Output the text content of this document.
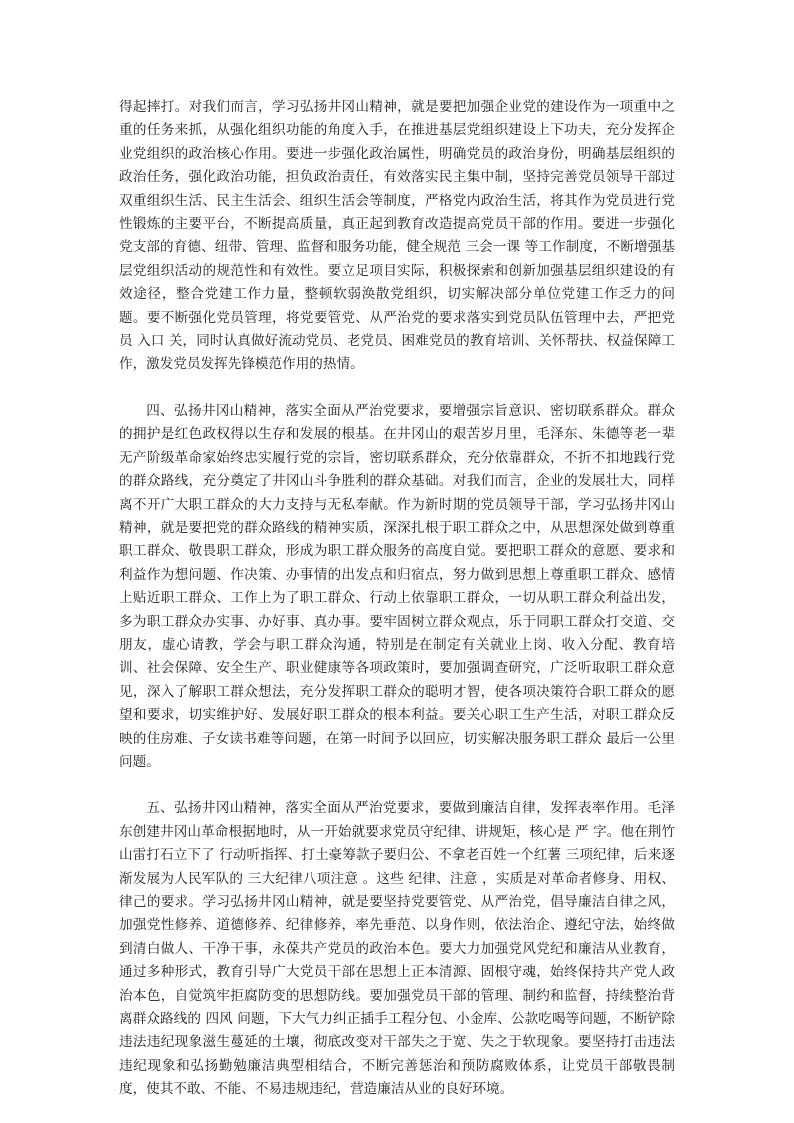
得起摔打。对我们而言，学习弘扬井冈山精神，就是要把加强企业党的建设作为一项重中之重的任务来抓，从强化组织功能的角度入手，在推进基层党组织建设上下功夫，充分发挥企业党组织的政治核心作用。要进一步强化政治属性，明确党员的政治身份，明确基层组织的政治任务，强化政治功能，担负政治责任，有效落实民主集中制，坚持完善党员领导干部过双重组织生活、民主生活会、组织生活会等制度，严格党内政治生活，将其作为党员进行党性锻炼的主要平台，不断提高质量，真正起到教育改造提高党员干部的作用。要进一步强化党支部的育德、纽带、管理、监督和服务功能，健全规范 三会一课 等工作制度，不断增强基层党组织活动的规范性和有效性。要立足项目实际，积极探索和创新加强基层组织建设的有效途径，整合党建工作力量，整顿软弱涣散党组织，切实解决部分单位党建工作乏力的问题。要不断强化党员管理，将党要管党、从严治党的要求落实到党员队伍管理中去，严把党员 入口 关，同时认真做好流动党员、老党员、困难党员的教育培训、关怀帮扶、权益保障工作，激发党员发挥先锋模范作用的热情。

四、弘扬井冈山精神，落实全面从严治党要求，要增强宗旨意识、密切联系群众。群众的拥护是红色政权得以生存和发展的根基。在井冈山的艰苦岁月里，毛泽东、朱德等老一辈无产阶级革命家始终忠实履行党的宗旨，密切联系群众，充分依靠群众，不折不扣地践行党的群众路线，充分奠定了井冈山斗争胜利的群众基础。对我们而言，企业的发展壮大，同样离不开广大职工群众的大力支持与无私奉献。作为新时期的党员领导干部，学习弘扬井冈山精神，就是要把党的群众路线的精神实质，深深扎根于职工群众之中，从思想深处做到尊重职工群众、敬畏职工群众，形成为职工群众服务的高度自觉。要把职工群众的意愿、要求和利益作为想问题、作决策、办事情的出发点和归宿点，努力做到思想上尊重职工群众、感情上贴近职工群众、工作上为了职工群众、行动上依靠职工群众，一切从职工群众利益出发，多为职工群众办实事、办好事、真办事。要牢固树立群众观点，乐于同职工群众打交道、交朋友，虚心请教，学会与职工群众沟通，特别是在制定有关就业上岗、收入分配、教育培训、社会保障、安全生产、职业健康等各项政策时，要加强调查研究，广泛听取职工群众意见，深入了解职工群众想法，充分发挥职工群众的聪明才智，使各项决策符合职工群众的愿望和要求，切实维护好、发展好职工群众的根本利益。要关心职工生产生活，对职工群众反映的住房难、子女读书难等问题，在第一时间予以回应，切实解决服务职工群众 最后一公里 问题。

五、弘扬井冈山精神，落实全面从严治党要求，要做到廉洁自律，发挥表率作用。毛泽东创建井冈山革命根据地时，从一开始就要求党员守纪律、讲规矩，核心是 严 字。他在荆竹山雷打石立下了 行动听指挥、打土豪筹款子要归公、不拿老百姓一个红薯 三项纪律，后来逐渐发展为人民军队的 三大纪律八项注意 。这些 纪律、注意 ，实质是对革命者修身、用权、律己的要求。学习弘扬井冈山精神，就是要坚持党要管党、从严治党，倡导廉洁自律之风，加强党性修养、道德修养、纪律修养，率先垂范、以身作则，依法治企、遵纪守法，始终做到清白做人、干净干事，永葆共产党员的政治本色。要大力加强党风党纪和廉洁从业教育，通过多种形式，教育引导广大党员干部在思想上正本清源、固根守魂，始终保持共产党人政治本色，自觉筑牢拒腐防变的思想防线。要加强党员干部的管理、制约和监督，持续整治背离群众路线的 四风 问题，下大气力纠正插手工程分包、小金库、公款吃喝等问题，不断铲除违法违纪现象滋生蔓延的土壤，彻底改变对干部失之于宽、失之于软现象。要坚持打击违法违纪现象和弘扬勤勉廉洁典型相结合，不断完善惩治和预防腐败体系，让党员干部敬畏制度，使其不敢、不能、不易违规违纪，营造廉洁从业的良好环境。
